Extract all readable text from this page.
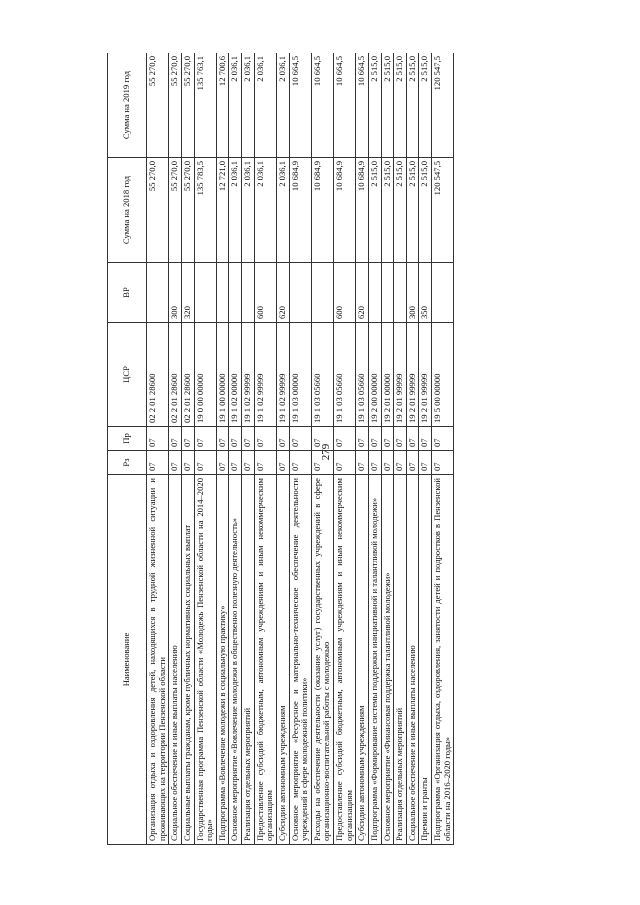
279
Наименование	Рз	Пр	ЦСР	ВР	Сумма на 2018 год	Сумма на 2019 год
Организация отдыха и оздоровления детей, находящихся в трудной жизненной ситуации и проживающих на территории Пензенской области	07	07	02 2 01 28600		55 270,0	55 270,0
Социальное обеспечение и иные выплаты населению	07	07	02 2 01 28600	300	55 270,0	55 270,0
Социальные выплаты гражданам, кроме публичных нормативных социальных выплат	07	07	02 2 01 28600	320	55 270,0	55 270,0
Государственная программа Пензенской области «Молодежь Пензенской области на 2014–2020 годы»	07	07	19 0 00 00000		135 783,5	135 763,1
Подпрограмма «Вовлечение молодежи в социальную практику»	07	07	19 1 00 00000		12 721,0	12 700,6
Основное мероприятие «Вовлечение молодежи в общественно полезную деятельность»	07	07	19 1 02 00000		2 036,1	2 036,1
Реализация отдельных мероприятий	07	07	19 1 02 99999		2 036,1	2 036,1
Предоставление субсидий бюджетным, автономным учреждениям и иным некоммерческим организациям	07	07	19 1 02 99999	600	2 036,1	2 036,1
Субсидии автономным учреждениям	07	07	19 1 02 99999	620	2 036,1	2 036,1
Основное мероприятие «Ресурсное и материально-техническое обеспечение деятельности учреждений в сфере молодежной политики»	07	07	19 1 03 00000		10 684,9	10 664,5
Расходы на обеспечение деятельности (оказание услуг) государственных учреждений в сфере организационно-воспитательной работы с молодежью	07	07	19 1 03 05660		10 684,9	10 664,5
Предоставление субсидий бюджетным, автономным учреждениям и иным некоммерческим организациям	07	07	19 1 03 05660	600	10 684,9	10 664,5
Субсидии автономным учреждениям	07	07	19 1 03 05660	620	10 684,9	10 664,5
Подпрограмма «Формирование системы поддержки инициативной и талантливой молодежи»	07	07	19 2 00 00000		2 515,0	2 515,0
Основное мероприятие «Финансовая поддержка талантливой молодежи»	07	07	19 2 01 00000		2 515,0	2 515,0
Реализация отдельных мероприятий	07	07	19 2 01 99999		2 515,0	2 515,0
Социальное обеспечение и иные выплаты населению	07	07	19 2 01 99999	300	2 515,0	2 515,0
Премии и гранты	07	07	19 2 01 99999	350	2 515,0	2 515,0
Подпрограмма «Организация отдыха, оздоровления, занятости детей и подростков в Пензенской области на 2016–2020 годы»	07	07	19 5 00 00000		120 547,5	120 547,5
